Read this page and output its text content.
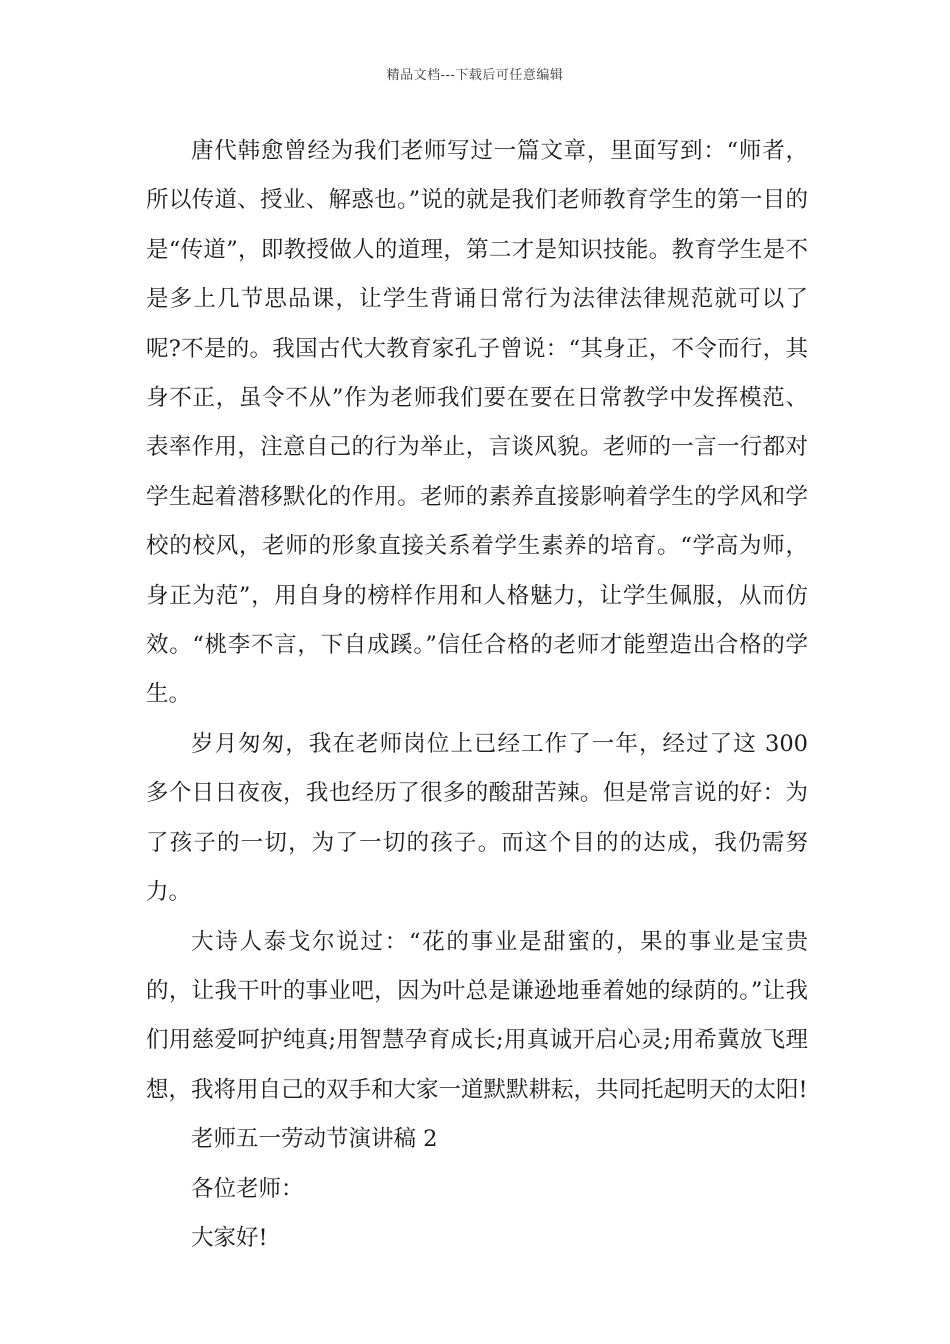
精品文档---下载后可任意编辑

唐代韩愈曾经为我们老师写过一篇文章，里面写到：“师者，所以传道、授业、解惑也。”说的就是我们老师教育学生的第一目的是“传道”，即教授做人的道理，第二才是知识技能。教育学生是不是多上几节思品课，让学生背诵日常行为法律法律规范就可以了呢?不是的。我国古代大教育家孔子曾说：“其身正，不令而行，其身不正，虽令不从”作为老师我们要在要在日常教学中发挥模范、表率作用，注意自己的行为举止，言谈风貌。老师的一言一行都对学生起着潜移默化的作用。老师的素养直接影响着学生的学风和学校的校风，老师的形象直接关系着学生素养的培育。“学高为师，身正为范”，用自身的榜样作用和人格魅力，让学生佩服，从而仿效。“桃李不言，下自成蹊。”信任合格的老师才能塑造出合格的学生。

岁月匆匆，我在老师岗位上已经工作了一年，经过了这 300 多个日日夜夜，我也经历了很多的酸甜苦辣。但是常言说的好：为了孩子的一切，为了一切的孩子。而这个目的的达成，我仍需努力。

大诗人泰戈尔说过：“花的事业是甜蜜的，果的事业是宝贵的，让我干叶的事业吧，因为叶总是谦逊地垂着她的绿荫的。”让我们用慈爱呵护纯真;用智慧孕育成长;用真诚开启心灵;用希冀放飞理想，我将用自己的双手和大家一道默默耕耘，共同托起明天的太阳!

老师五一劳动节演讲稿 2

各位老师：

大家好!
